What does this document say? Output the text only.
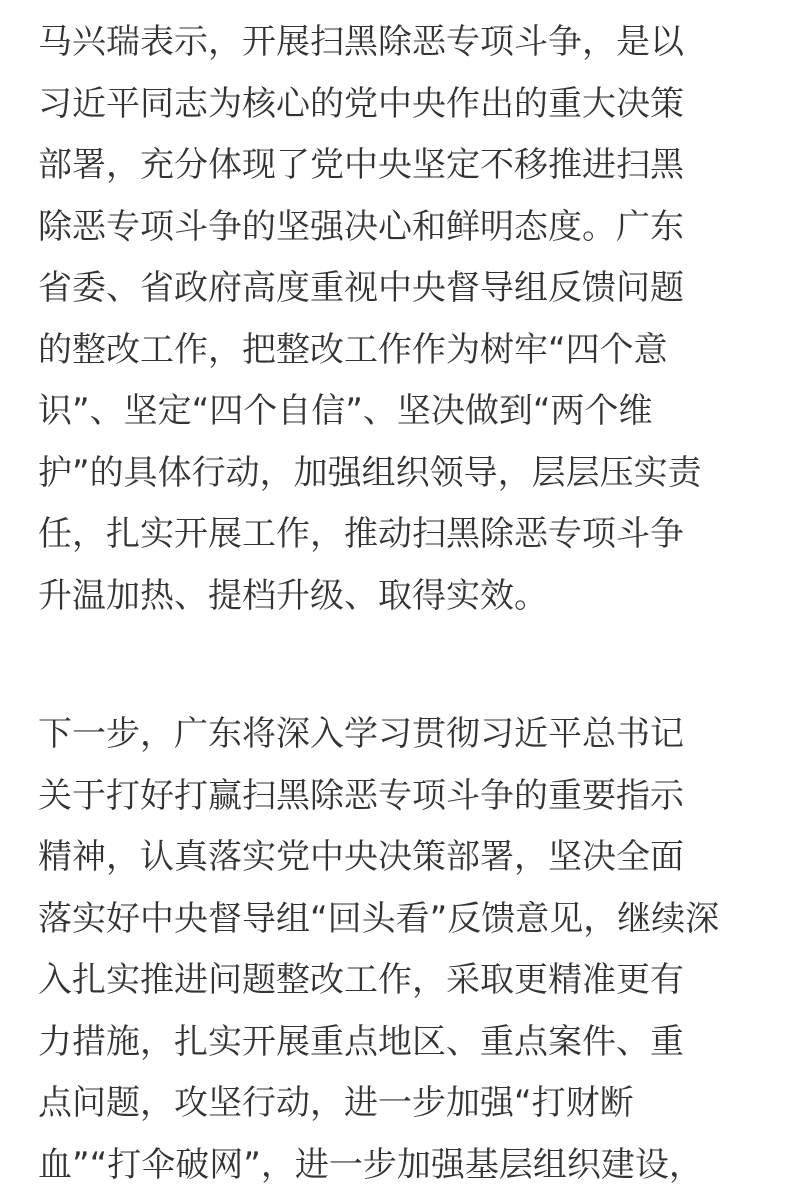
马兴瑞表示，开展扫黑除恶专项斗争，是以
习近平同志为核心的党中央作出的重大决策
部署，充分体现了党中央坚定不移推进扫黑
除恶专项斗争的坚强决心和鲜明态度。广东
省委、省政府高度重视中央督导组反馈问题
的整改工作，把整改工作作为树牢“四个意
识”、坚定“四个自信”、坚决做到“两个维
护”的具体行动，加强组织领导，层层压实责
任，扎实开展工作，推动扫黑除恶专项斗争
升温加热、提档升级、取得实效。

下一步，广东将深入学习贯彻习近平总书记
关于打好打赢扫黑除恶专项斗争的重要指示
精神，认真落实党中央决策部署，坚决全面
落实好中央督导组“回头看”反馈意见，继续深
入扎实推进问题整改工作，采取更精准更有
力措施，扎实开展重点地区、重点案件、重
点问题，攻坚行动，进一步加强“打财断
血”“打伞破网”，进一步加强基层组织建设，
